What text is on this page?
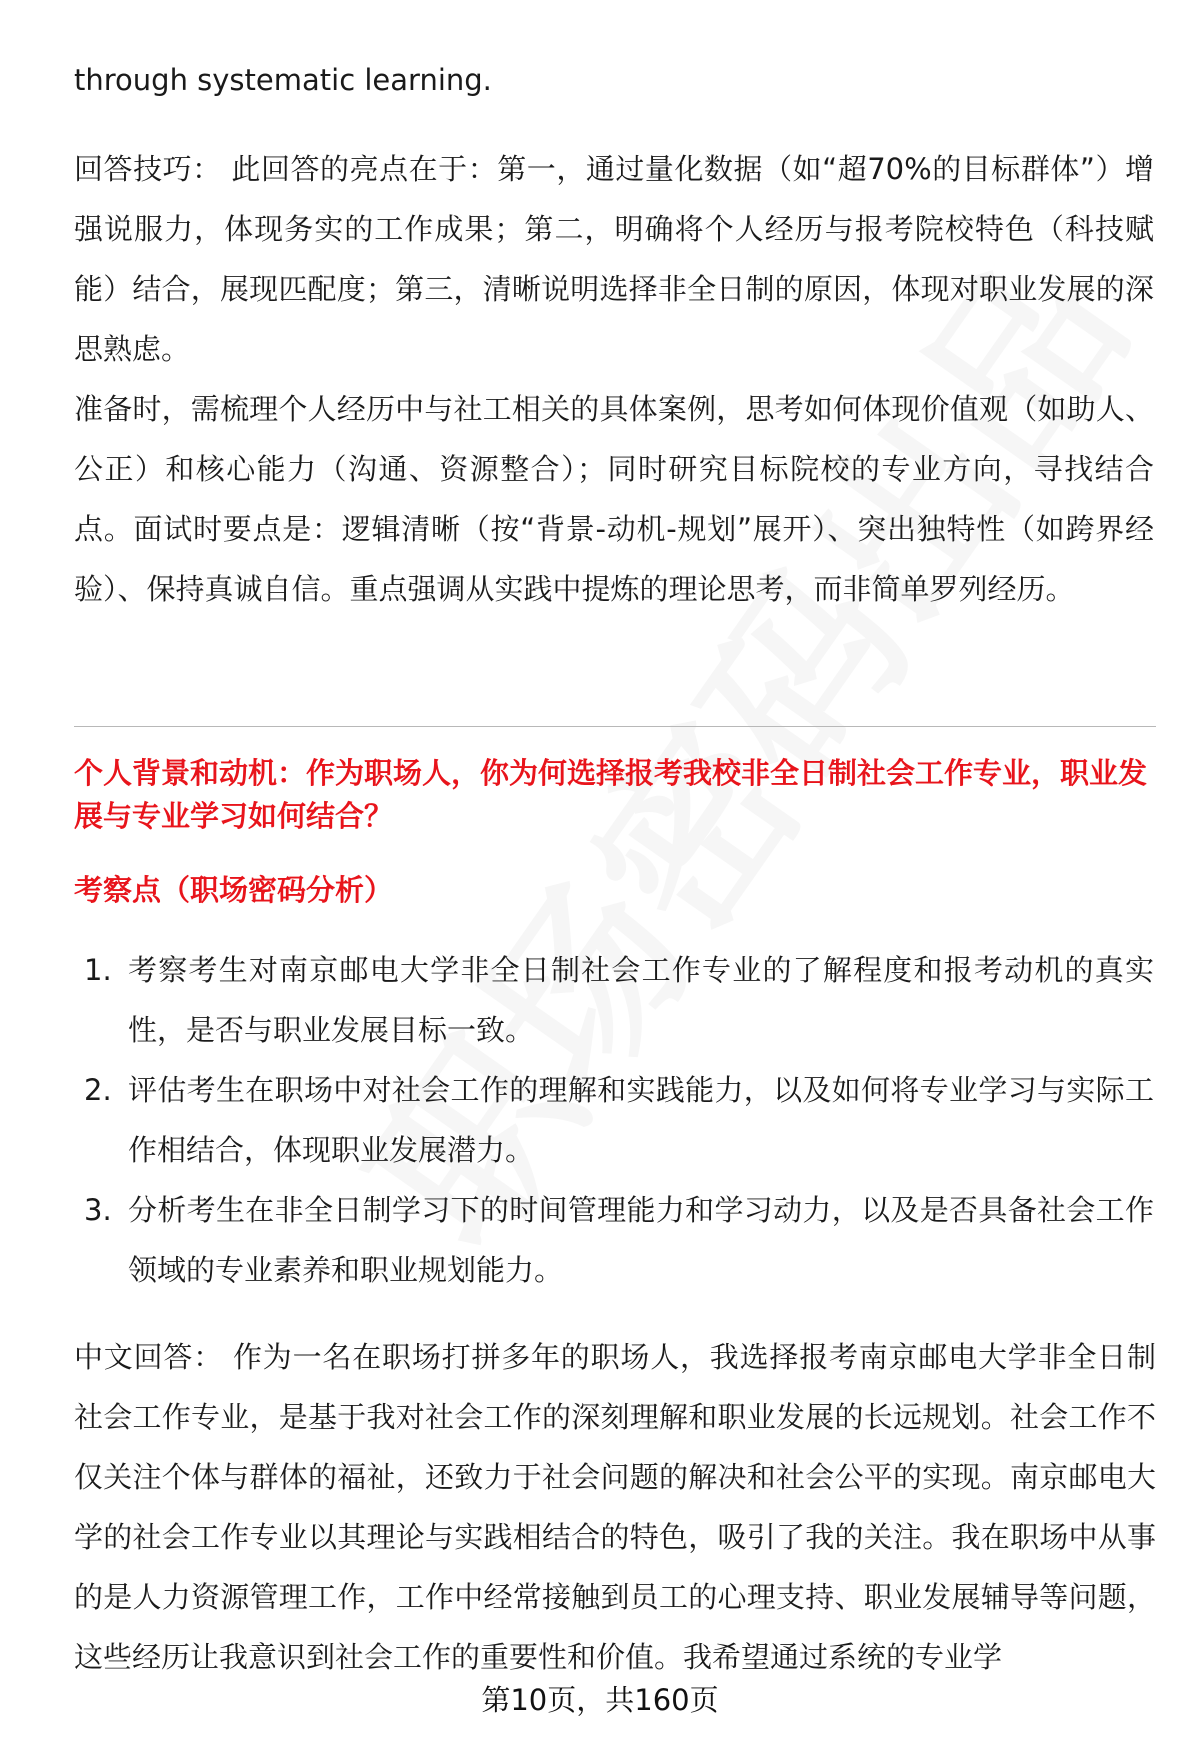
through systematic learning.

回答技巧： 此回答的亮点在于：第一，通过量化数据（如“超70%的目标群体”）增强说服力，体现务实的工作成果；第二，明确将个人经历与报考院校特色（科技赋能）结合，展现匹配度；第三，清晰说明选择非全日制的原因，体现对职业发展的深思熟虑。

准备时，需梳理个人经历中与社工相关的具体案例，思考如何体现价值观（如助人、公正）和核心能力（沟通、资源整合）；同时研究目标院校的专业方向，寻找结合点。面试时要点是：逻辑清晰（按“背景-动机-规划”展开）、突出独特性（如跨界经验）、保持真诚自信。重点强调从实践中提炼的理论思考，而非简单罗列经历。

个人背景和动机：作为职场人，你为何选择报考我校非全日制社会工作专业，职业发展与专业学习如何结合？
考察点（职场密码分析）
1. 考察考生对南京邮电大学非全日制社会工作专业的了解程度和报考动机的真实性，是否与职业发展目标一致。
2. 评估考生在职场中对社会工作的理解和实践能力，以及如何将专业学习与实际工作相结合，体现职业发展潜力。
3. 分析考生在非全日制学习下的时间管理能力和学习动力，以及是否具备社会工作领域的专业素养和职业规划能力。

中文回答： 作为一名在职场打拼多年的职场人，我选择报考南京邮电大学非全日制社会工作专业，是基于我对社会工作的深刻理解和职业发展的长远规划。社会工作不仅关注个体与群体的福祉，还致力于社会问题的解决和社会公平的实现。南京邮电大学的社会工作专业以其理论与实践相结合的特色，吸引了我的关注。我在职场中从事的是人力资源管理工作，工作中经常接触到员工的心理支持、职业发展辅导等问题，这些经历让我意识到社会工作的重要性和价值。我希望通过系统的专业学

第10页，共160页
